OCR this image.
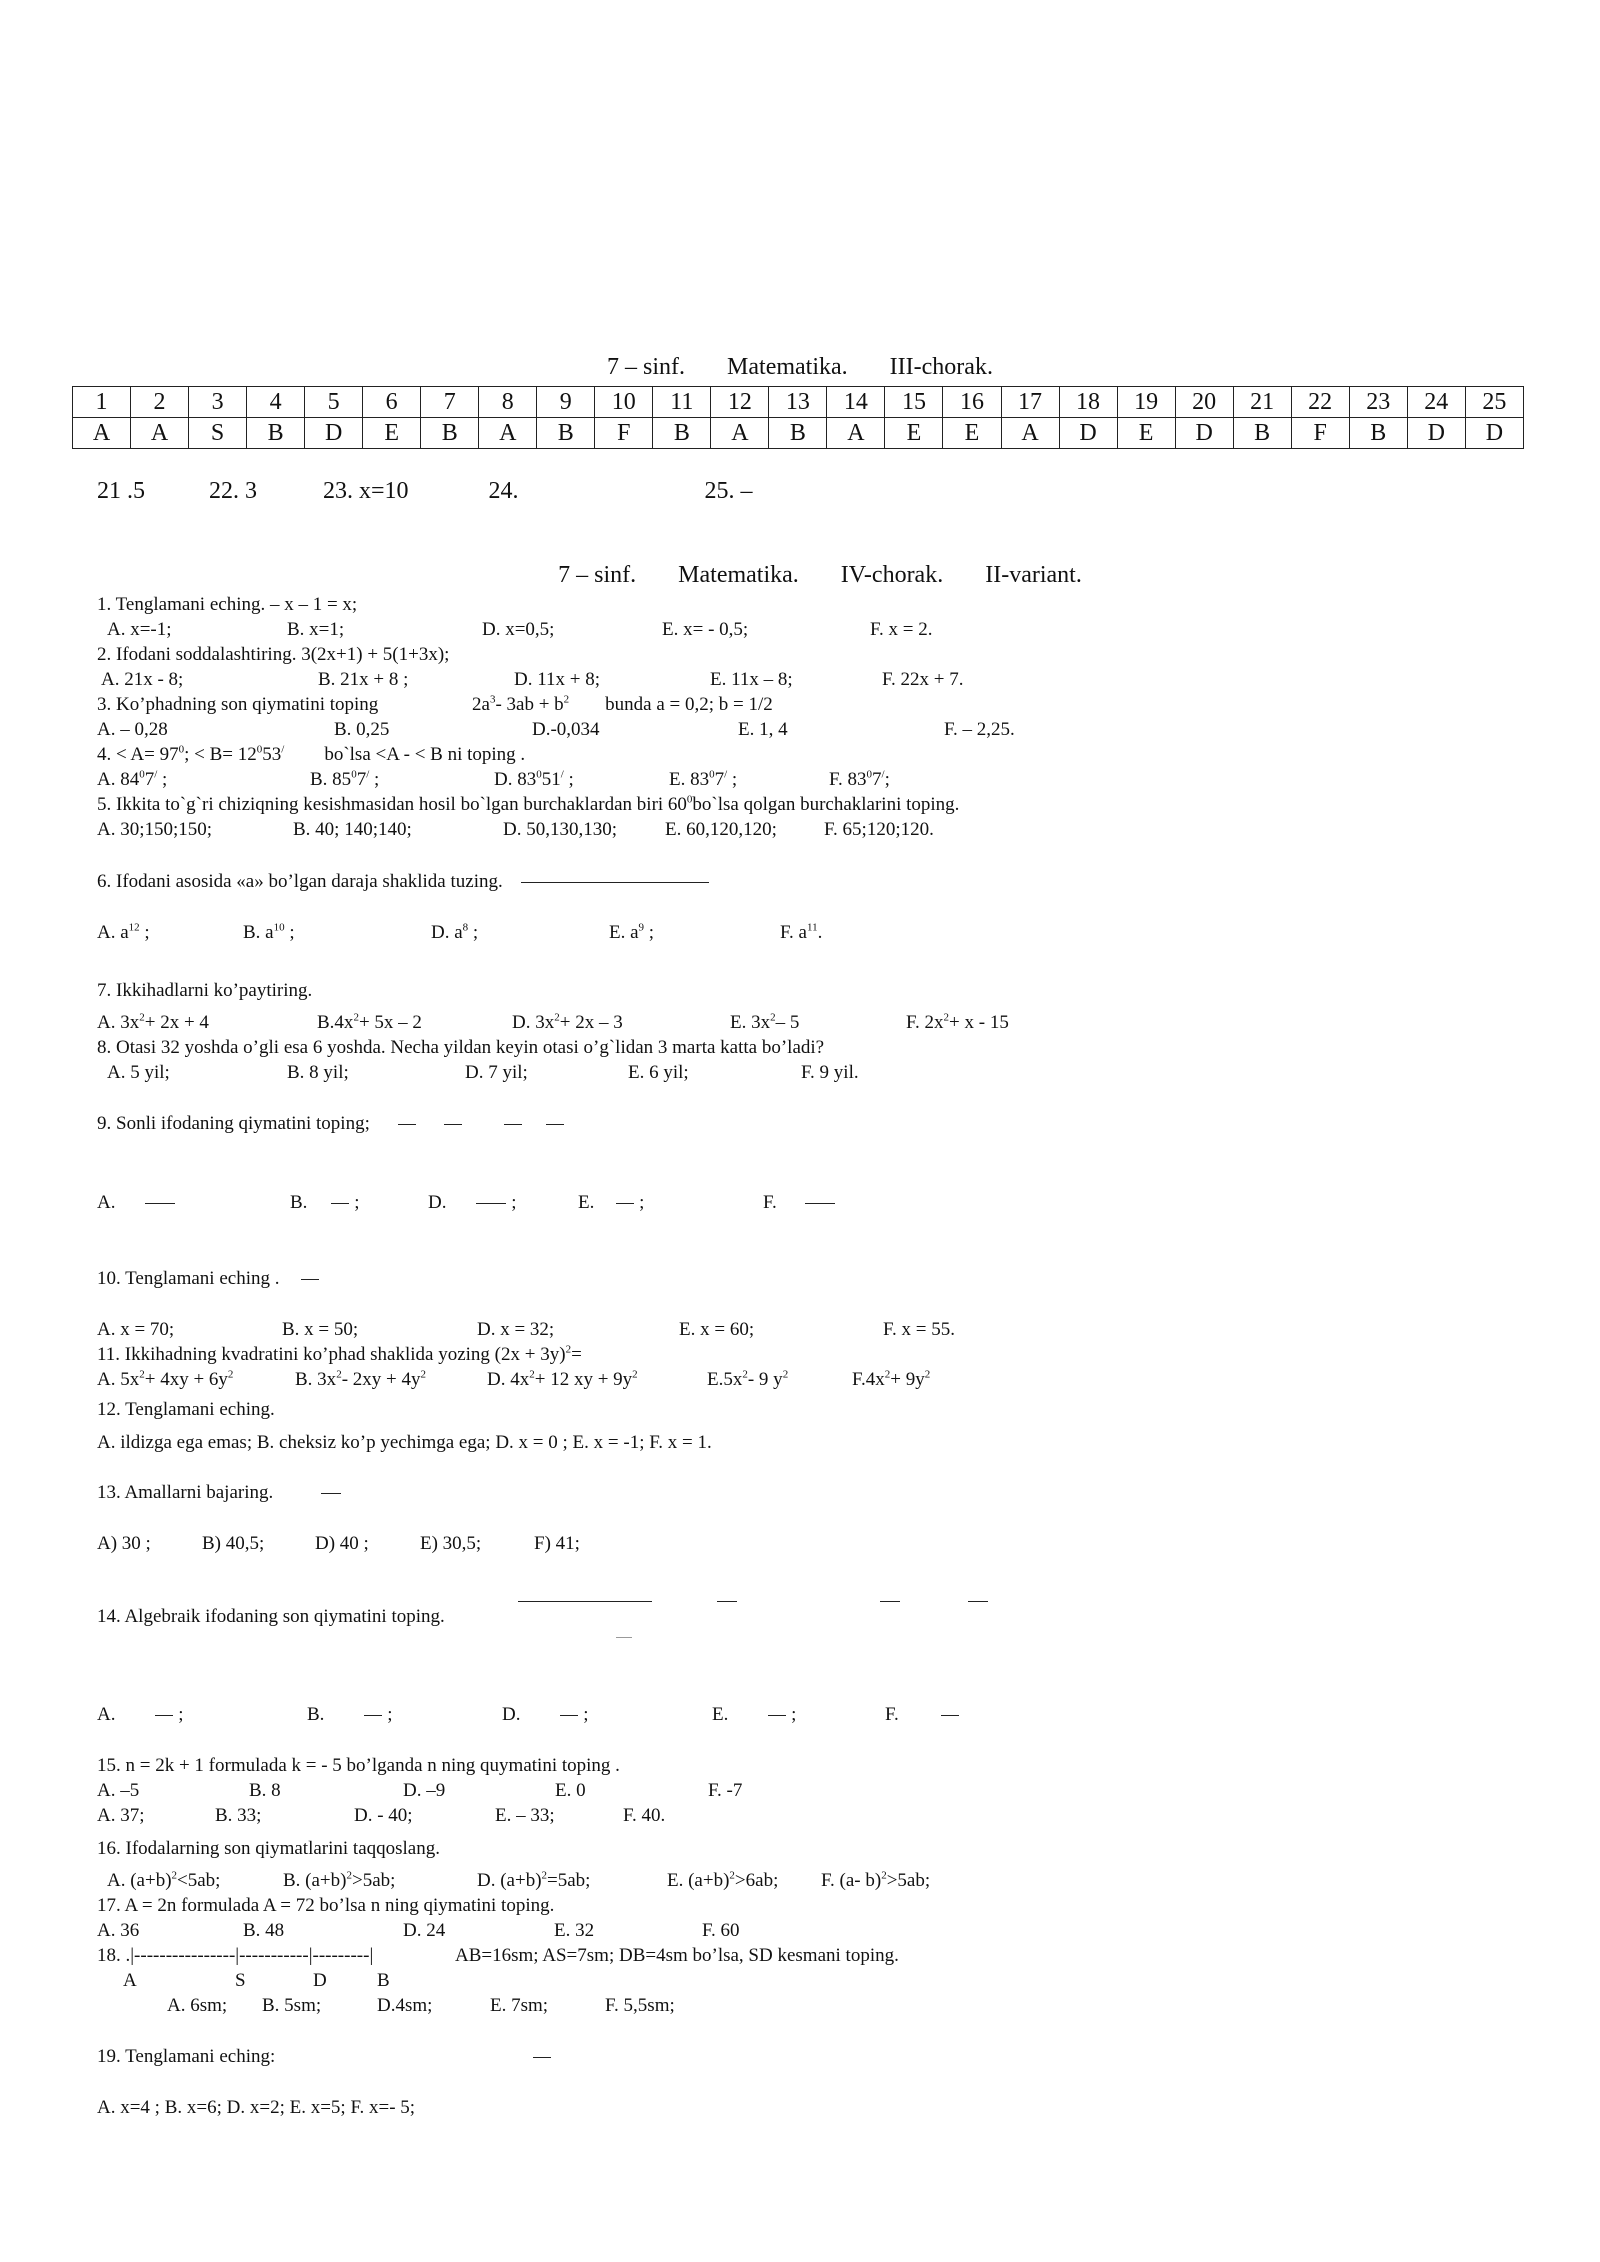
7 – sinf. Matematika. III-chorak.
1	2	3	4	5	6	7	8	9	10	11	12	13	14	15	16	17	18	19	20	21	22	23	24	25
A	A	S	B	D	E	B	A	B	F	B	A	B	A	E	E	A	D	E	D	B	F	B	D	D
21 .5	22. 3	23. x=10	24.	25. –
7 – sinf. Matematika. IV-chorak. II-variant.
1. Tenglamani eching. – x – 1 = x;
A. x=-1;	B. x=1;	D. x=0,5;	E. x= - 0,5;	F. x = 2.
2. Ifodani soddalashtiring. 3(2x+1) + 5(1+3x);
A. 21x - 8;	B. 21x + 8 ;	D. 11x + 8;	E. 11x – 8;	F. 22x + 7.
3. Ko’phadning son qiymatini toping	$2a^3-$ $3ab + b^2$ bunda a = 0,2; b = 1/2
A. – 0,28	B. 0,25	D.-0,034	E. 1, 4	F. – 2,25.
4. < $A= 97^0$; < $B= 12^053^/$ bo`lsa <A - < B ni toping .
A. $84^07^/$ ;	B. $85^07^/$ ;	D. $83^051^/$ ;	E. $83^07^/$ ;	F. $83^07^/$;
5. Ikkita to`g`ri chiziqning kesishmasidan hosil bo`lgan burchaklardan biri $60^0bo`lsa$ qolgan burchaklarini toping.
A. 30;150;150;	B. 40; 140;140;	D. 50,130,130;	E. 60,120,120; F. 65;120;120.
6. Ifodani asosida «a» bo’lgan daraja shaklida tuzing.
A. $a^{12}$ ;	B. $a^{10}$ ;	D. $a^8$ ;	E. $a^9$ ;	F. $a^{11}$.
7. Ikkihadlarni ko’paytiring.
A. $3x^2+ 2x + 4$	$B.4x^2+ 5x - 2$	D. $3x^2+ 2x - 3$	E. $3x^2-$ 5	F. $2x^2+ x - 15$
8. Otasi 32 yoshda o’gli esa 6 yoshda. Necha yildan keyin otasi o’g`lidan 3 marta katta bo’ladi?
A. 5 yil;	B. 8 yil;	D. 7 yil;	E. 6 yil;	F. 9 yil.
9. Sonli ifodaning qiymatini toping;
A.	B. ;	D.	;	E. ;	F.
10. Tenglamani eching .
A. x = 70;	B. x = 50;	D. x = 32;	E. x = 60;	F. x = 55.
11. Ikkihadning kvadratini ko’phad shaklida yozing $(2x + 3y)^2=$
A. $5x^2+ 4xy + 6y^2$	B. $3x^2-$ $2xy + 4y^2$	D. $4x^2+ 12$ xy + $9y^2$	$E.5x^2-$ 9 $y^2$	$F.4x^2+ 9y^2$
12. Tenglamani eching.
A. ildizga ega emas; B. cheksiz ko’p yechimga ega; D. x = 0 ; E. x = -1; F. x = 1.
13. Amallarni bajaring.
A) 30 ;	B) 40,5;	D) 40 ;	E) 30,5;	F) 41;
14. Algebraik ifodaning son qiymatini toping.
A.	;	B.	;	D.	;	E.	;	F.
15. n = 2k + 1 formulada k = - 5 bo’lganda n ning quymatini toping .
A. –5	B. 8	D. –9	E. 0	F. -7
A. 37;	B. 33;	D. - 40;	E. – 33;	F. 40.
16. Ifodalarning son qiymatlarini taqqoslang.
A. $(a+b)^2<5ab$;	B. $(a+b)^2>5ab$;	D. $(a+b)^2=5ab$;	E. $(a+b)^2>6ab$; F. (a- b)$^2$>5ab;
17. A = 2n formulada A = 72 bo’lsa n ning qiymatini toping.
A. 36	B. 48	D. 24	E. 32	F. 60
18. .|----------------|-----------|---------|	AB=16sm; AS=7sm; DB=4sm bo’lsa, SD kesmani toping.
A	S	D	B
A. 6sm; B. 5sm;	D.4sm;	E. 7sm;	F. 5,5sm;
19. Tenglamani eching:
A. x=4 ; B. x=6; D. x=2; E. x=5; F. x=- 5;
